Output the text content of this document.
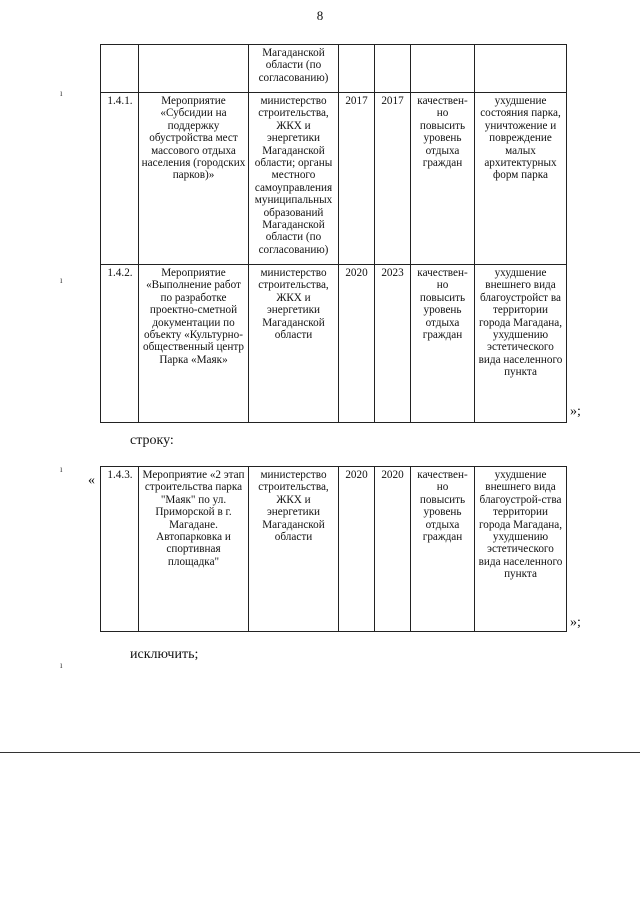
8
ı
ı
ı
ı
		Магаданской области (по согласованию)				
1.4.1.	Мероприятие «Субсидии на поддержку обустройства мест массового отдыха населения (городских парков)»	министерство строительства, ЖКХ и энергетики Магаданской области; органы местного самоуправления муниципальных образований Магаданской области (по согласованию)	2017	2017	качествен-но повысить уровень отдыха граждан	ухудшение состояния парка, уничтожение и повреждение малых архитектурных форм парка
1.4.2.	Мероприятие «Выполнение работ по разработке проектно-сметной документации по объекту «Культурно-общественный центр Парка «Маяк»	министерство строительства, ЖКХ и энергетики Магаданской области	2020	2023	качествен-но повысить уровень отдыха граждан	ухудшение внешнего вида благоустройст ва территории города Магадана, ухудшению эстетического вида населенного пункта
»;
строку:
« 1.4.3.	Мероприятие «2 этап строительства парка "Маяк" по ул. Приморской в г. Магадане. Автопарковка и спортивная площадка"	министерство строительства, ЖКХ и энергетики Магаданской области	2020	2020	качествен-но повысить уровень отдыха граждан	ухудшение внешнего вида благоустрой-ства территории города Магадана, ухудшению эстетического вида населенного пункта
»;
исключить;
